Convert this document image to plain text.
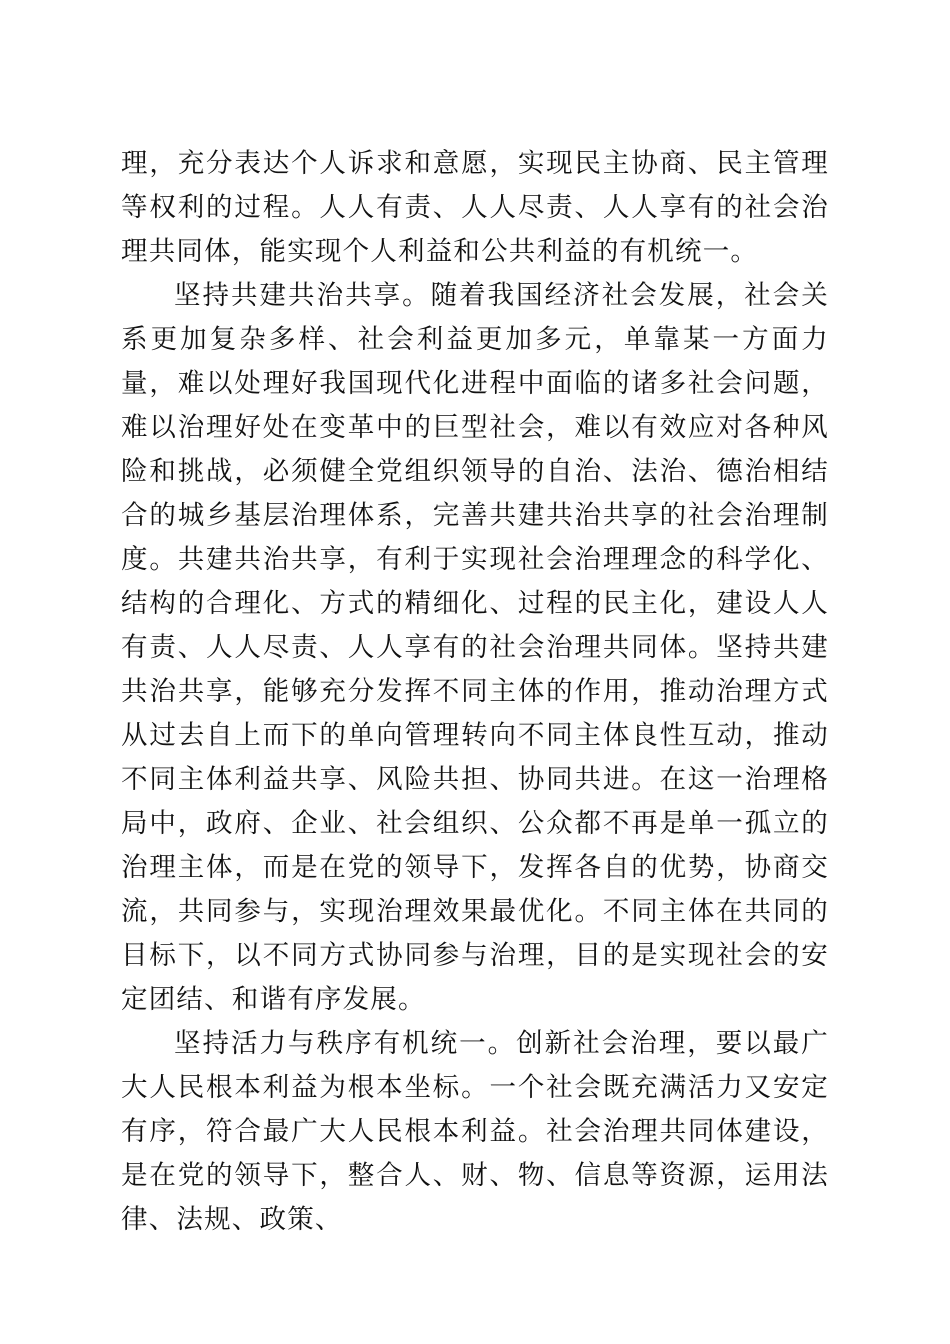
理，充分表达个人诉求和意愿，实现民主协商、民主管理等权利的过程。人人有责、人人尽责、人人享有的社会治理共同体，能实现个人利益和公共利益的有机统一。

坚持共建共治共享。随着我国经济社会发展，社会关系更加复杂多样、社会利益更加多元，单靠某一方面力量，难以处理好我国现代化进程中面临的诸多社会问题，难以治理好处在变革中的巨型社会，难以有效应对各种风险和挑战，必须健全党组织领导的自治、法治、德治相结合的城乡基层治理体系，完善共建共治共享的社会治理制度。共建共治共享，有利于实现社会治理理念的科学化、结构的合理化、方式的精细化、过程的民主化，建设人人有责、人人尽责、人人享有的社会治理共同体。坚持共建共治共享，能够充分发挥不同主体的作用，推动治理方式从过去自上而下的单向管理转向不同主体良性互动，推动不同主体利益共享、风险共担、协同共进。在这一治理格局中，政府、企业、社会组织、公众都不再是单一孤立的治理主体，而是在党的领导下，发挥各自的优势，协商交流，共同参与，实现治理效果最优化。不同主体在共同的目标下，以不同方式协同参与治理，目的是实现社会的安定团结、和谐有序发展。

坚持活力与秩序有机统一。创新社会治理，要以最广大人民根本利益为根本坐标。一个社会既充满活力又安定有序，符合最广大人民根本利益。社会治理共同体建设，是在党的领导下，整合人、财、物、信息等资源，运用法律、法规、政策、
